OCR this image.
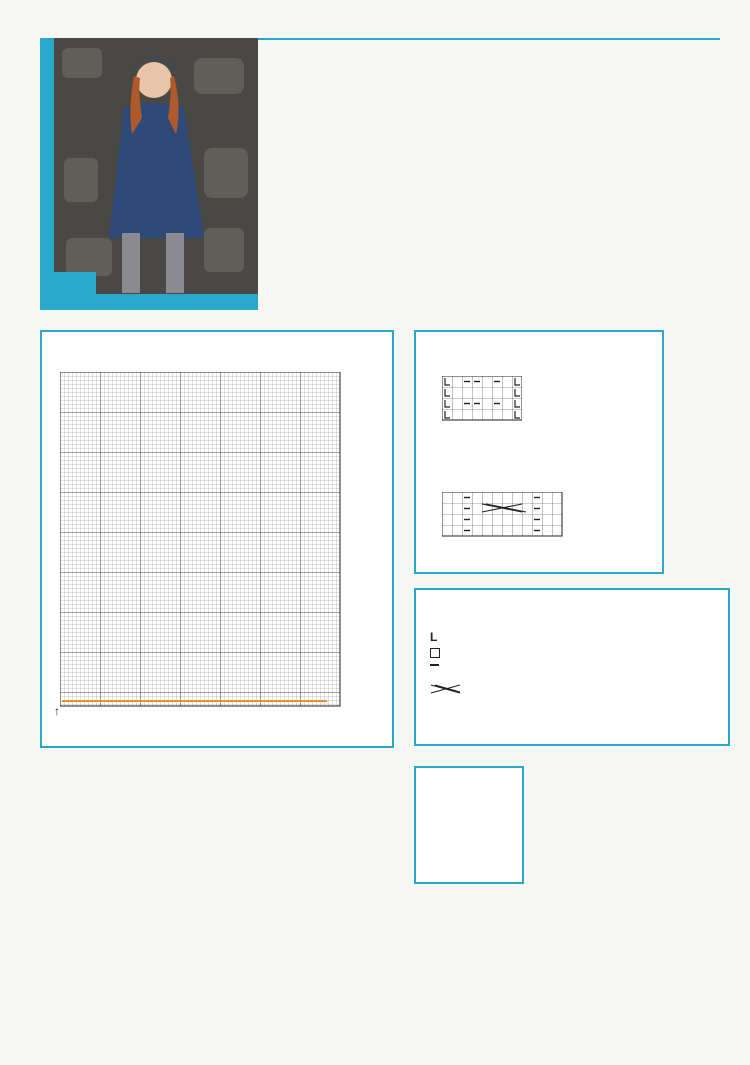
↑
L
